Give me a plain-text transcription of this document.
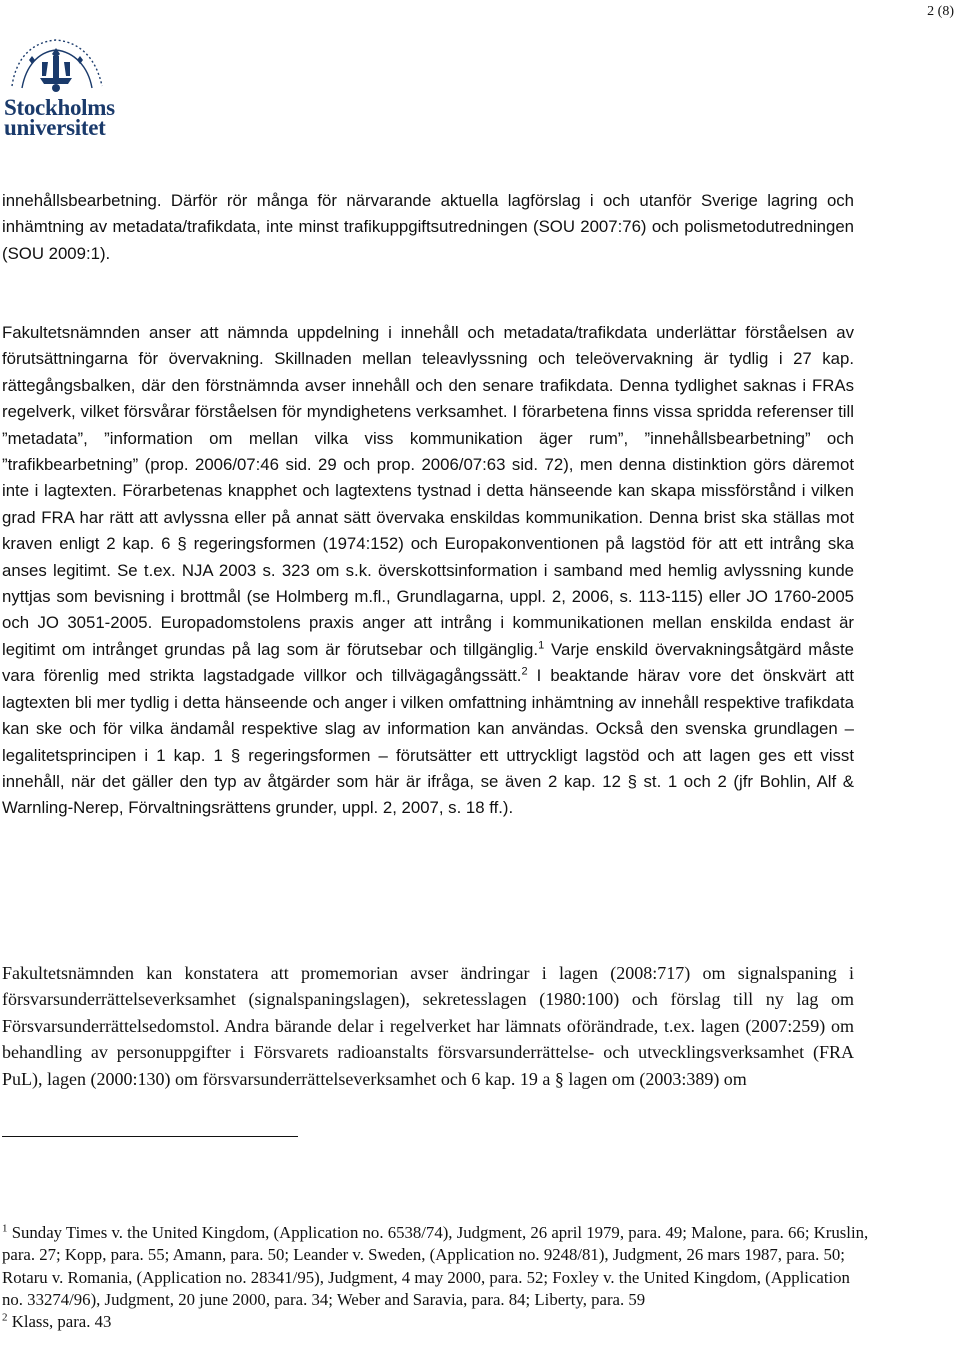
2 (8)
Stockholms
universitet

innehållsbearbetning. Därför rör många för närvarande aktuella lagförslag i och utanför Sverige lagring och inhämtning av metadata/trafikdata, inte minst trafikuppgiftsutredningen (SOU 2007:76) och polismetodutredningen (SOU 2009:1).

Fakultetsnämnden anser att nämnda uppdelning i innehåll och metadata/trafikdata underlättar förståelsen av förutsättningarna för övervakning. Skillnaden mellan teleavlyssning och teleövervakning är tydlig i 27 kap. rättegångsbalken, där den förstnämnda avser innehåll och den senare trafikdata. Denna tydlighet saknas i FRAs regelverk, vilket försvårar förståelsen för myndighetens verksamhet. I förarbetena finns vissa spridda referenser till ”metadata”, ”information om mellan vilka viss kommunikation äger rum”, ”innehållsbearbetning” och ”trafikbearbetning” (prop. 2006/07:46 sid. 29 och prop. 2006/07:63 sid. 72), men denna distinktion görs däremot inte i lagtexten. Förarbetenas knapphet och lagtextens tystnad i detta hänseende kan skapa missförstånd i vilken grad FRA har rätt att avlyssna eller på annat sätt övervaka enskildas kommunikation. Denna brist ska ställas mot kraven enligt 2 kap. 6 § regeringsformen (1974:152) och Europakonventionen på lagstöd för att ett intrång ska anses legitimt. Se t.ex. NJA 2003 s. 323 om s.k. överskottsinformation i samband med hemlig avlyssning kunde nyttjas som bevisning i brottmål (se Holmberg m.fl., Grundlagarna, uppl. 2, 2006, s. 113-115) eller JO 1760-2005 och JO 3051-2005. Europadomstolens praxis anger att intrång i kommunikationen mellan enskilda endast är legitimt om intrånget grundas på lag som är förutsebar och tillgänglig.$^1$ Varje enskild övervakningsåtgärd måste vara förenlig med strikta lagstadgade villkor och tillvägagångssätt.$^2$ I beaktande härav vore det önskvärt att lagtexten bli mer tydlig i detta hänseende och anger i vilken omfattning inhämtning av innehåll respektive trafikdata kan ske och för vilka ändamål respektive slag av information kan användas. Också den svenska grundlagen – legalitetsprincipen i 1 kap. 1 § regeringsformen – förutsätter ett uttryckligt lagstöd och att lagen ges ett visst innehåll, när det gäller den typ av åtgärder som här är ifråga, se även 2 kap. 12 § st. 1 och 2 (jfr Bohlin, Alf & Warnling-Nerep, Förvaltningsrättens grunder, uppl. 2, 2007, s. 18 ff.).

Fakultetsnämnden kan konstatera att promemorian avser ändringar i lagen (2008:717) om signalspaning i försvarsunderrättelseverksamhet (signalspaningslagen), sekretesslagen (1980:100) och förslag till ny lag om Försvarsunderrättelsedomstol. Andra bärande delar i regelverket har lämnats oförändrade, t.ex. lagen (2007:259) om behandling av personuppgifter i Försvarets radioanstalts försvarsunderrättelse- och utvecklingsverksamhet (FRA PuL), lagen (2000:130) om försvarsunderrättelseverksamhet och 6 kap. 19 a § lagen om (2003:389) om

$^1$ Sunday Times v. the United Kingdom, (Application no. 6538/74), Judgment, 26 april 1979, para. 49; Malone, para. 66; Kruslin, para. 27; Kopp, para. 55; Amann, para. 50; Leander v. Sweden, (Application no. 9248/81), Judgment, 26 mars 1987, para. 50; Rotaru v. Romania, (Application no. 28341/95), Judgment, 4 may 2000, para. 52; Foxley v. the United Kingdom, (Application no. 33274/96), Judgment, 20 june 2000, para. 34; Weber and Saravia, para. 84; Liberty, para. 59
$^2$ Klass, para. 43
